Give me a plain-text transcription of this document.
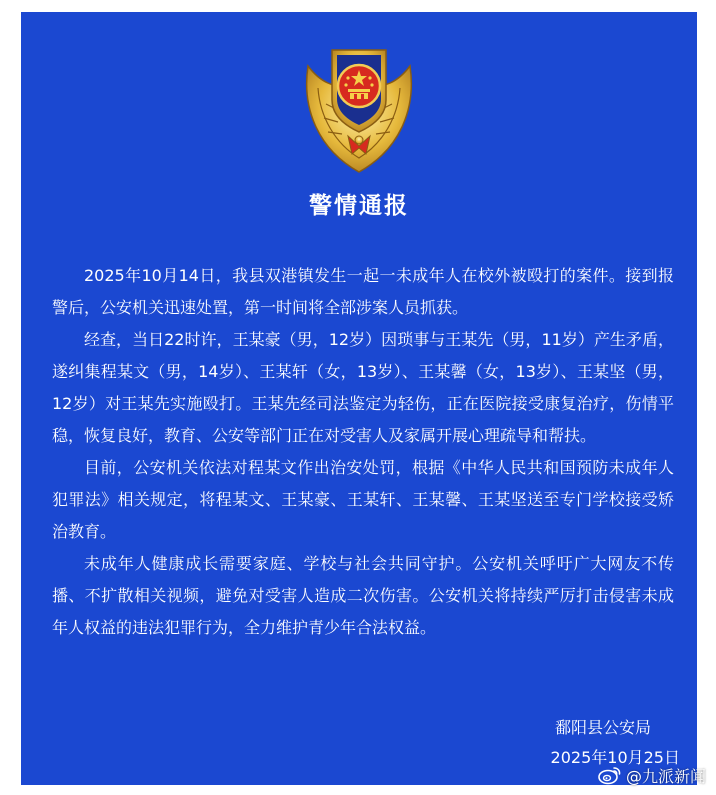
警情通报

2025年10月14日，我县双港镇发生一起一未成年人在校外被殴打的案件。接到报警后，公安机关迅速处置，第一时间将全部涉案人员抓获。

经查，当日22时许，王某豪（男，12岁）因琐事与王某先（男，11岁）产生矛盾，遂纠集程某文（男，14岁）、王某轩（女，13岁）、王某馨（女，13岁）、王某坚（男，12岁）对王某先实施殴打。王某先经司法鉴定为轻伤，正在医院接受康复治疗，伤情平稳，恢复良好，教育、公安等部门正在对受害人及家属开展心理疏导和帮扶。

目前，公安机关依法对程某文作出治安处罚，根据《中华人民共和国预防未成年人犯罪法》相关规定，将程某文、王某豪、王某轩、王某馨、王某坚送至专门学校接受矫治教育。

未成年人健康成长需要家庭、学校与社会共同守护。公安机关呼吁广大网友不传播、不扩散相关视频，避免对受害人造成二次伤害。公安机关将持续严厉打击侵害未成年人权益的违法犯罪行为，全力维护青少年合法权益。

鄱阳县公安局
2025年10月25日
@九派新闻
